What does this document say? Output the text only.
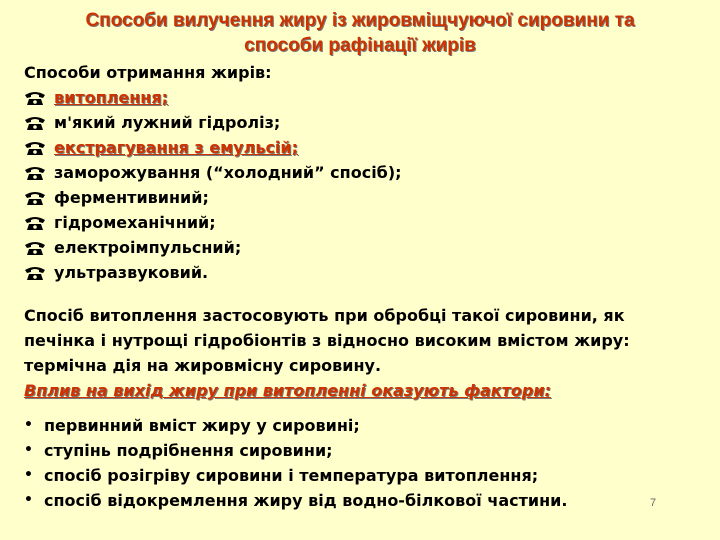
Способи вилучення жиру із жировмiщчуючої сировини та
способи рафінації жирів

Способи отримання жирів:

витоплення;
м'який лужний гідроліз;
екстрагування з емульсій;
заморожування (“холодний” спосіб);
ферментивиний;
гідромеханічний;
електроімпульсний;
ультразвуковий.
Спосіб витоплення застосовують при обробці такої сировини, як
печінка і нутрощі гідробіонтів з відносно високим вмістом жиру:
термічна дія на жировмісну сировину.

Вплив на вихід жиру при витопленні оказують фактори:

• первинний вміст жиру у сировині;
• ступінь подрібнення сировини;
• спосіб розігріву сировини і температура витоплення;
• спосіб відокремлення жиру від водно-білкової частини.	7
